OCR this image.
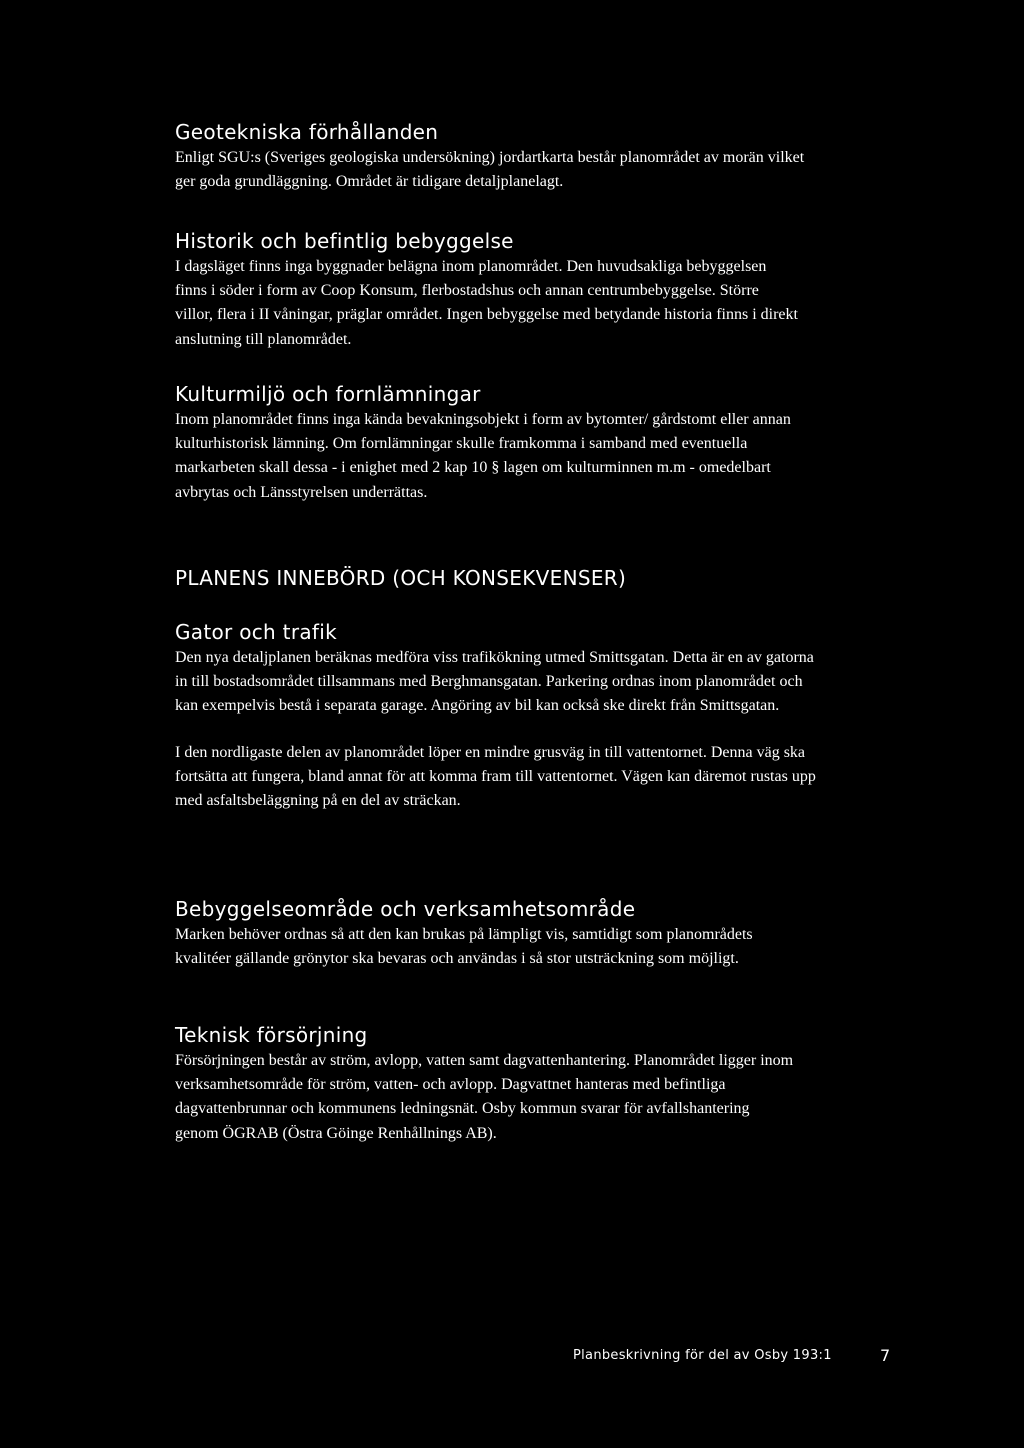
Geotekniska förhållanden

Enligt SGU:s (Sveriges geologiska undersökning) jordartkarta består planområdet av morän vilket ger goda grundläggning. Området är tidigare detaljplanelagt.

Historik och befintlig bebyggelse

I dagsläget finns inga byggnader belägna inom planområdet. Den huvudsakliga bebyggelsen finns i söder i form av Coop Konsum, flerbostadshus och annan centrumbebyggelse. Större villor, flera i II våningar, präglar området. Ingen bebyggelse med betydande historia finns i direkt anslutning till planområdet.

Kulturmiljö och fornlämningar

Inom planområdet finns inga kända bevakningsobjekt i form av bytomter/ gårdstomt eller annan kulturhistorisk lämning. Om fornlämningar skulle framkomma i samband med eventuella markarbeten skall dessa - i enighet med 2 kap 10 § lagen om kulturminnen m.m - omedelbart avbrytas och Länsstyrelsen underrättas.

PLANENS INNEBÖRD (OCH KONSEKVENSER)
Gator och trafik

Den nya detaljplanen beräknas medföra viss trafikökning utmed Smittsgatan. Detta är en av gatorna in till bostadsområdet tillsammans med Berghmansgatan. Parkering ordnas inom planområdet och kan exempelvis bestå i separata garage. Angöring av bil kan också ske direkt från Smittsgatan.

I den nordligaste delen av planområdet löper en mindre grusväg in till vattentornet. Denna väg ska fortsätta att fungera, bland annat för att komma fram till vattentornet. Vägen kan däremot rustas upp med asfaltsbeläggning på en del av sträckan.

Bebyggelseområde och verksamhetsområde

Marken behöver ordnas så att den kan brukas på lämpligt vis, samtidigt som planområdets kvalitéer gällande grönytor ska bevaras och användas i så stor utsträckning som möjligt.

Teknisk försörjning

Försörjningen består av ström, avlopp, vatten samt dagvattenhantering. Planområdet ligger inom verksamhetsområde för ström, vatten- och avlopp. Dagvattnet hanteras med befintliga dagvattenbrunnar och kommunens ledningsnät. Osby kommun svarar för avfallshantering genom ÖGRAB (Östra Göinge Renhållnings AB).

Planbeskrivning för del av Osby 193:1	7
